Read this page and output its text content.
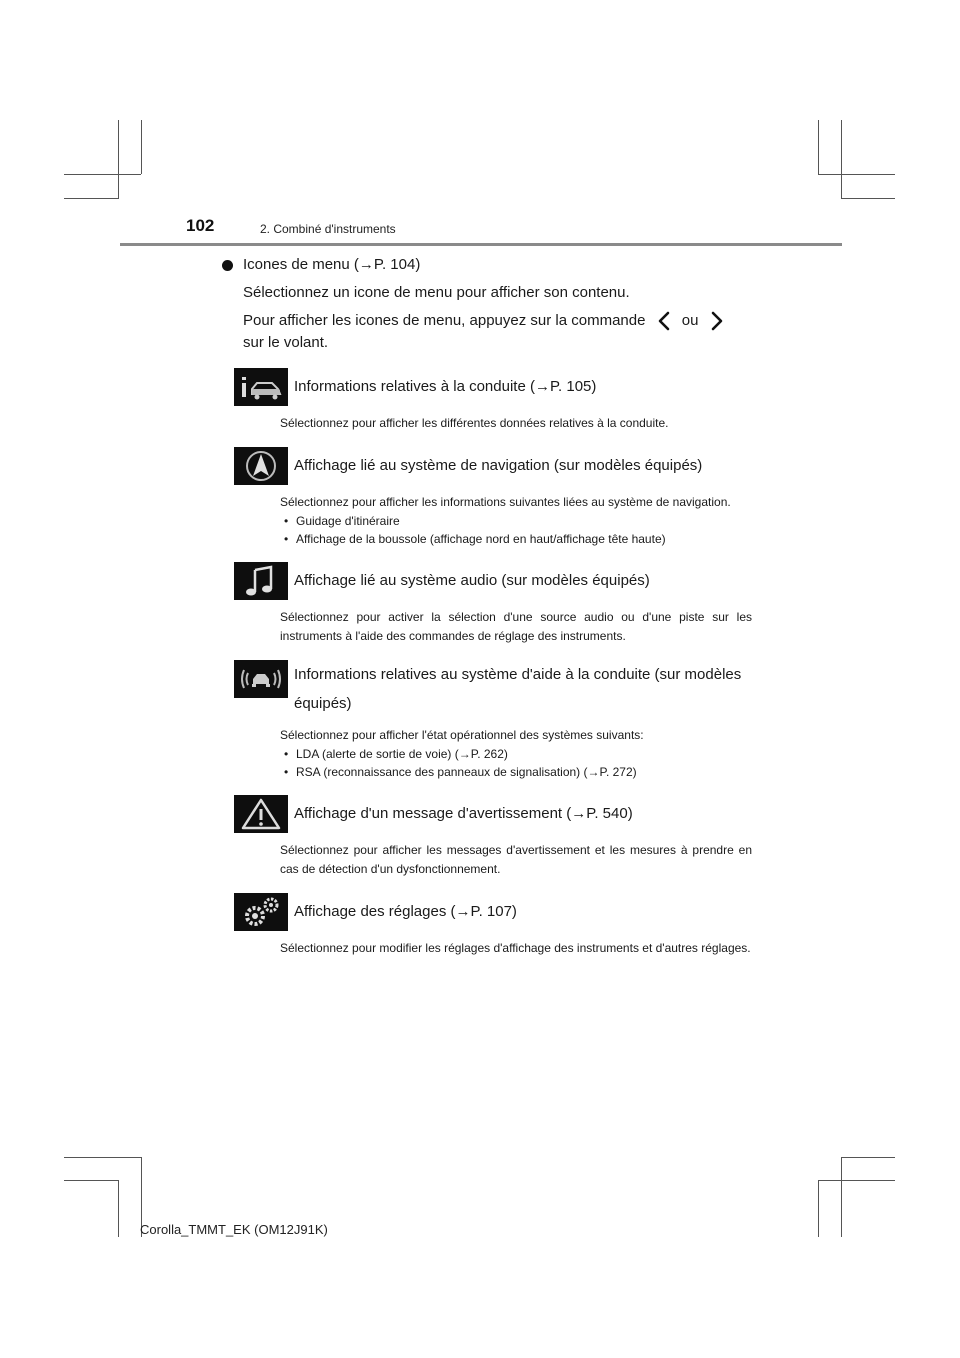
102	2. Combiné d'instruments
Icones de menu (→P. 104)
Sélectionnez un icone de menu pour afficher son contenu.
Pour afficher les icones de menu, appuyez sur la commande ou

sur le volant.
Informations relatives à la conduite (→P. 105)
Sélectionnez pour afficher les différentes données relatives à la conduite.
Affichage lié au système de navigation (sur modèles équipés)
Sélectionnez pour afficher les informations suivantes liées au système de navigation.
• Guidage d'itinéraire
• Affichage de la boussole (affichage nord en haut/affichage tête haute)
Affichage lié au système audio (sur modèles équipés)
Sélectionnez pour activer la sélection d'une source audio ou d'une piste sur les instruments à l'aide des commandes de réglage des instruments.
Informations relatives au système d'aide à la conduite (sur modèles
équipés)
Sélectionnez pour afficher l'état opérationnel des systèmes suivants:
• LDA (alerte de sortie de voie) (→P. 262)
• RSA (reconnaissance des panneaux de signalisation) (→P. 272)
Affichage d'un message d'avertissement (→P. 540)
Sélectionnez pour afficher les messages d'avertissement et les mesures à prendre en cas de détection d'un dysfonctionnement.
Affichage des réglages (→P. 107)
Sélectionnez pour modifier les réglages d'affichage des instruments et d'autres réglages.
Corolla_TMMT_EK (OM12J91K)
